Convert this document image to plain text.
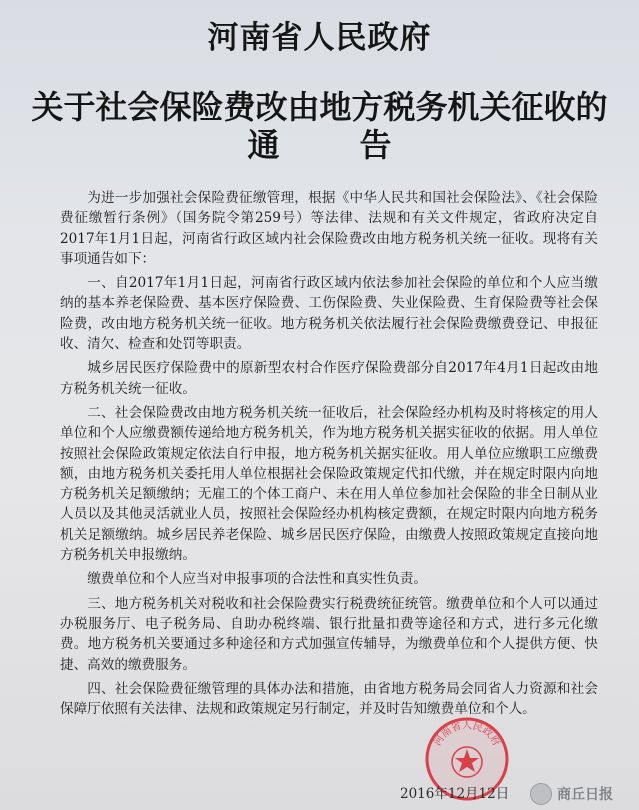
河南省人民政府
关于社会保险费改由地方税务机关征收的
通告

为进一步加强社会保险费征缴管理，根据《中华人民共和国社会保险法》、《社会保险费征缴暂行条例》（国务院令第259号）等法律、法规和有关文件规定，省政府决定自2017年1月1日起，河南省行政区域内社会保险费改由地方税务机关统一征收。现将有关事项通告如下：

一、自2017年1月1日起，河南省行政区域内依法参加社会保险的单位和个人应当缴纳的基本养老保险费、基本医疗保险费、工伤保险费、失业保险费、生育保险费等社会保险费，改由地方税务机关统一征收。地方税务机关依法履行社会保险费缴费登记、申报征收、清欠、检查和处罚等职责。

城乡居民医疗保险费中的原新型农村合作医疗保险费部分自2017年4月1日起改由地方税务机关统一征收。

二、社会保险费改由地方税务机关统一征收后，社会保险经办机构及时将核定的用人单位和个人应缴费额传递给地方税务机关，作为地方税务机关据实征收的依据。用人单位按照社会保险政策规定依法自行申报，地方税务机关据实征收。用人单位应缴职工应缴费额，由地方税务机关委托用人单位根据社会保险政策规定代扣代缴，并在规定时限内向地方税务机关足额缴纳；无雇工的个体工商户、未在用人单位参加社会保险的非全日制从业人员以及其他灵活就业人员，按照社会保险经办机构核定费额，在规定时限内向地方税务机关足额缴纳。城乡居民养老保险、城乡居民医疗保险，由缴费人按照政策规定直接向地方税务机关申报缴纳。

缴费单位和个人应当对申报事项的合法性和真实性负责。

三、地方税务机关对税收和社会保险费实行税费统征统管。缴费单位和个人可以通过办税服务厅、电子税务局、自助办税终端、银行批量扣费等途径和方式，进行多元化缴费。地方税务机关要通过多种途径和方式加强宣传辅导，为缴费单位和个人提供方便、快捷、高效的缴费服务。

四、社会保险费征缴管理的具体办法和措施，由省地方税务局会同省人力资源和社会保障厅依照有关法律、法规和政策规定另行制定，并及时告知缴费单位和个人。

河南省人民政府
2016年12月12日	商丘日报
